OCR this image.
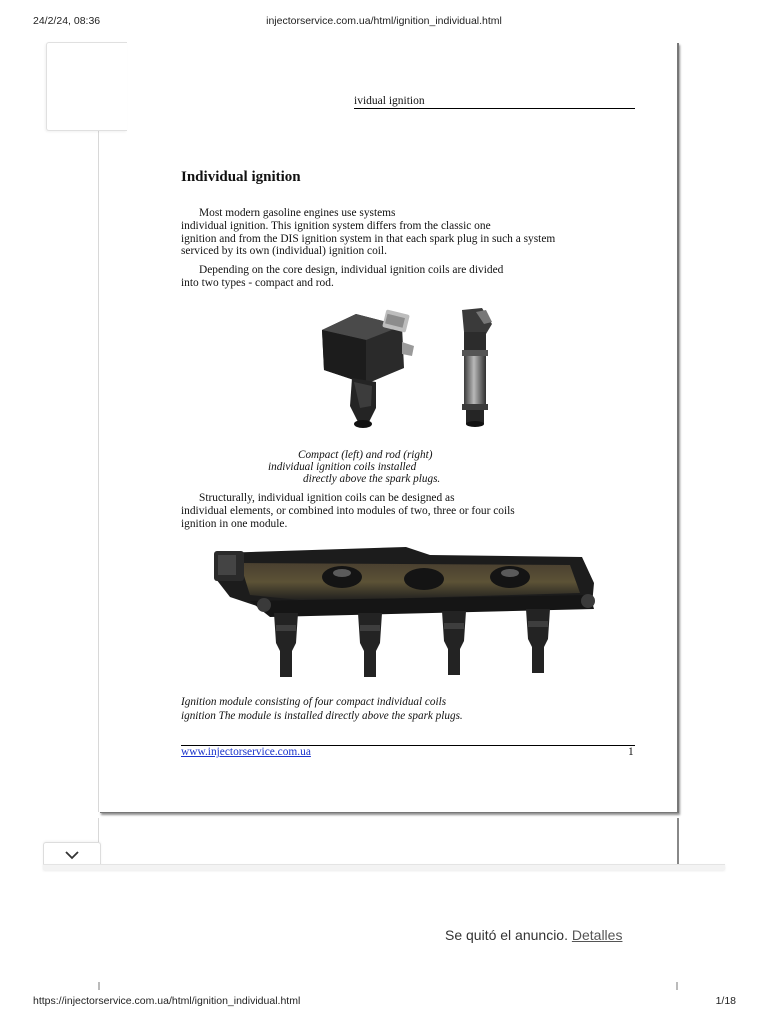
24/2/24, 08:36	injectorservice.com.ua/html/ignition_individual.html
ividual ignition
Individual ignition

Most modern gasoline engines use systems
individual ignition. This ignition system differs from the classic one
ignition and from the DIS ignition system in that each spark plug in such a system
serviced by its own (individual) ignition coil.

Depending on the core design, individual ignition coils are divided
into two types - compact and rod.

Compact (left) and rod (right)

individual ignition coils installed

directly above the spark plugs.

Structurally, individual ignition coils can be designed as
individual elements, or combined into modules of two, three or four coils
ignition in one module.

Ignition module consisting of four compact individual coils
ignition The module is installed directly above the spark plugs.

www.injectorservice.com.ua	1
Se quitó el anuncio. Detalles
https://injectorservice.com.ua/html/ignition_individual.html	1/18
